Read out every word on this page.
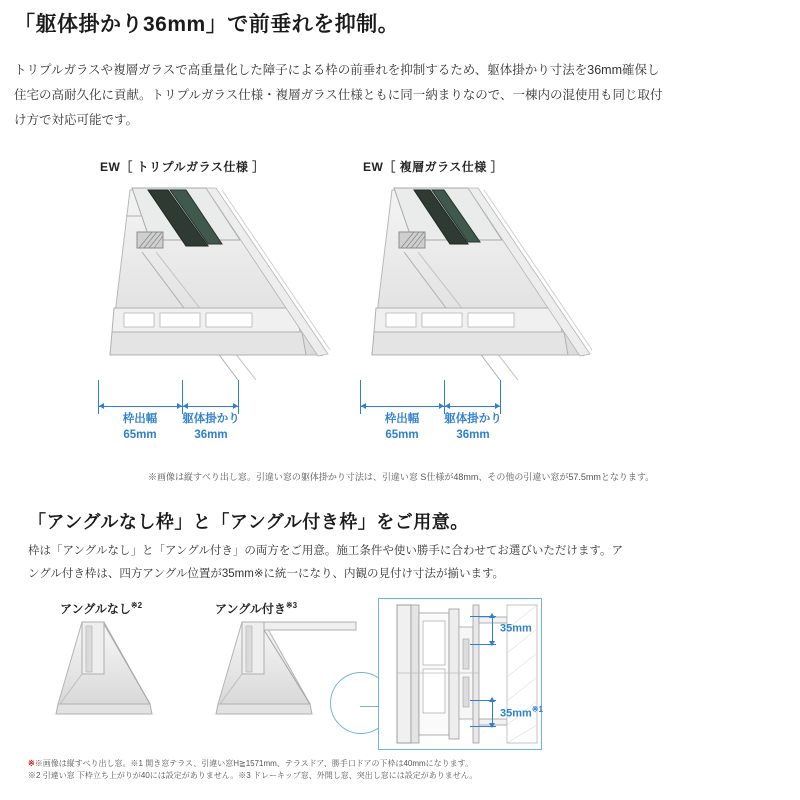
「躯体掛かり36mm」で前垂れを抑制。
トリプルガラスや複層ガラスで高重量化した障子による枠の前垂れを抑制するため、躯体掛かり寸法を36mm確保し住宅の高耐久化に貢献。トリプルガラス仕様・複層ガラス仕様ともに同一納まりなので、一棟内の混使用も同じ取付け方で対応可能です。
EW［ トリプルガラス仕様 ］
枠出幅
65mm
躯体掛かり
36mm
EW［ 複層ガラス仕様 ］
枠出幅
65mm
躯体掛かり
36mm
※画像は縦すべり出し窓。引違い窓の躯体掛かり寸法は、引違い窓 S仕様が48mm、その他の引違い窓が57.5mmとなります。
「アングルなし枠」と「アングル付き枠」をご用意。
枠は「アングルなし」と「アングル付き」の両方をご用意。施工条件や使い勝手に合わせてお選びいただけます。アングル付き枠は、四方アングル位置が35mm※に統一になり、内観の見付け寸法が揃います。
アングルなし$^{※2}$	アングル付き$^{※3}$
35mm
$35mm^{※1}$
※※画像は縦すべり出し窓。※1 開き窓テラス、引違い窓H≧1571mm、テラスドア、勝手口ドアの下枠は40mmになります。
※2 引違い窓 下枠立ち上がりが40には設定がありません。※3 ドレーキップ窓、外開し窓、突出し窓には設定がありません。
